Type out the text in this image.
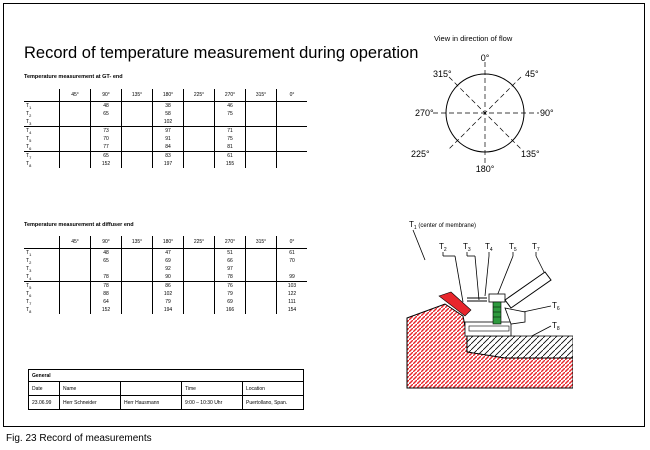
Record of temperature measurement during operation
Temperature measurement at GT- end
	45°	90°	135°	180°	225°	270°	315°	0°
$T_1$		48		38		46		
$T_2$		65		58		75		
$T_3$				102				
$T_4$		73		97		71		
$T_5$		70		91		75		
$T_6$		77		84		81		
$T_7$		65		83		61		
$T_8$		152		197		155		
Temperature measurement at diffuser end
	45°	90°	135°	180°	225°	270°	315°	0°
$T_1$		48		47		51		61
$T_2$		65		69		66		70
$T_3$				92		97		
$T_4$		78		90		78		99
$T_5$		78		86		76		103
$T_6$		88		102		79		122
$T_7$		64		79		69		111
$T_8$		152		194		166		154
General				
Date	Name		Time	Location
23.06.99	Herr Schneider	Herr Hausmann	9:00 – 10:30 Uhr	Puertollano, Span.
View in direction of flow
0°
45°
90°
135°
180°
225°
270°
315°
$T_1$ $^{(center of membrane)}$
$T_2$ $T_3$ $T_4$ $T_5$ $T_7$
$T_6$
$T_8$
Fig. 23 Record of measurements
